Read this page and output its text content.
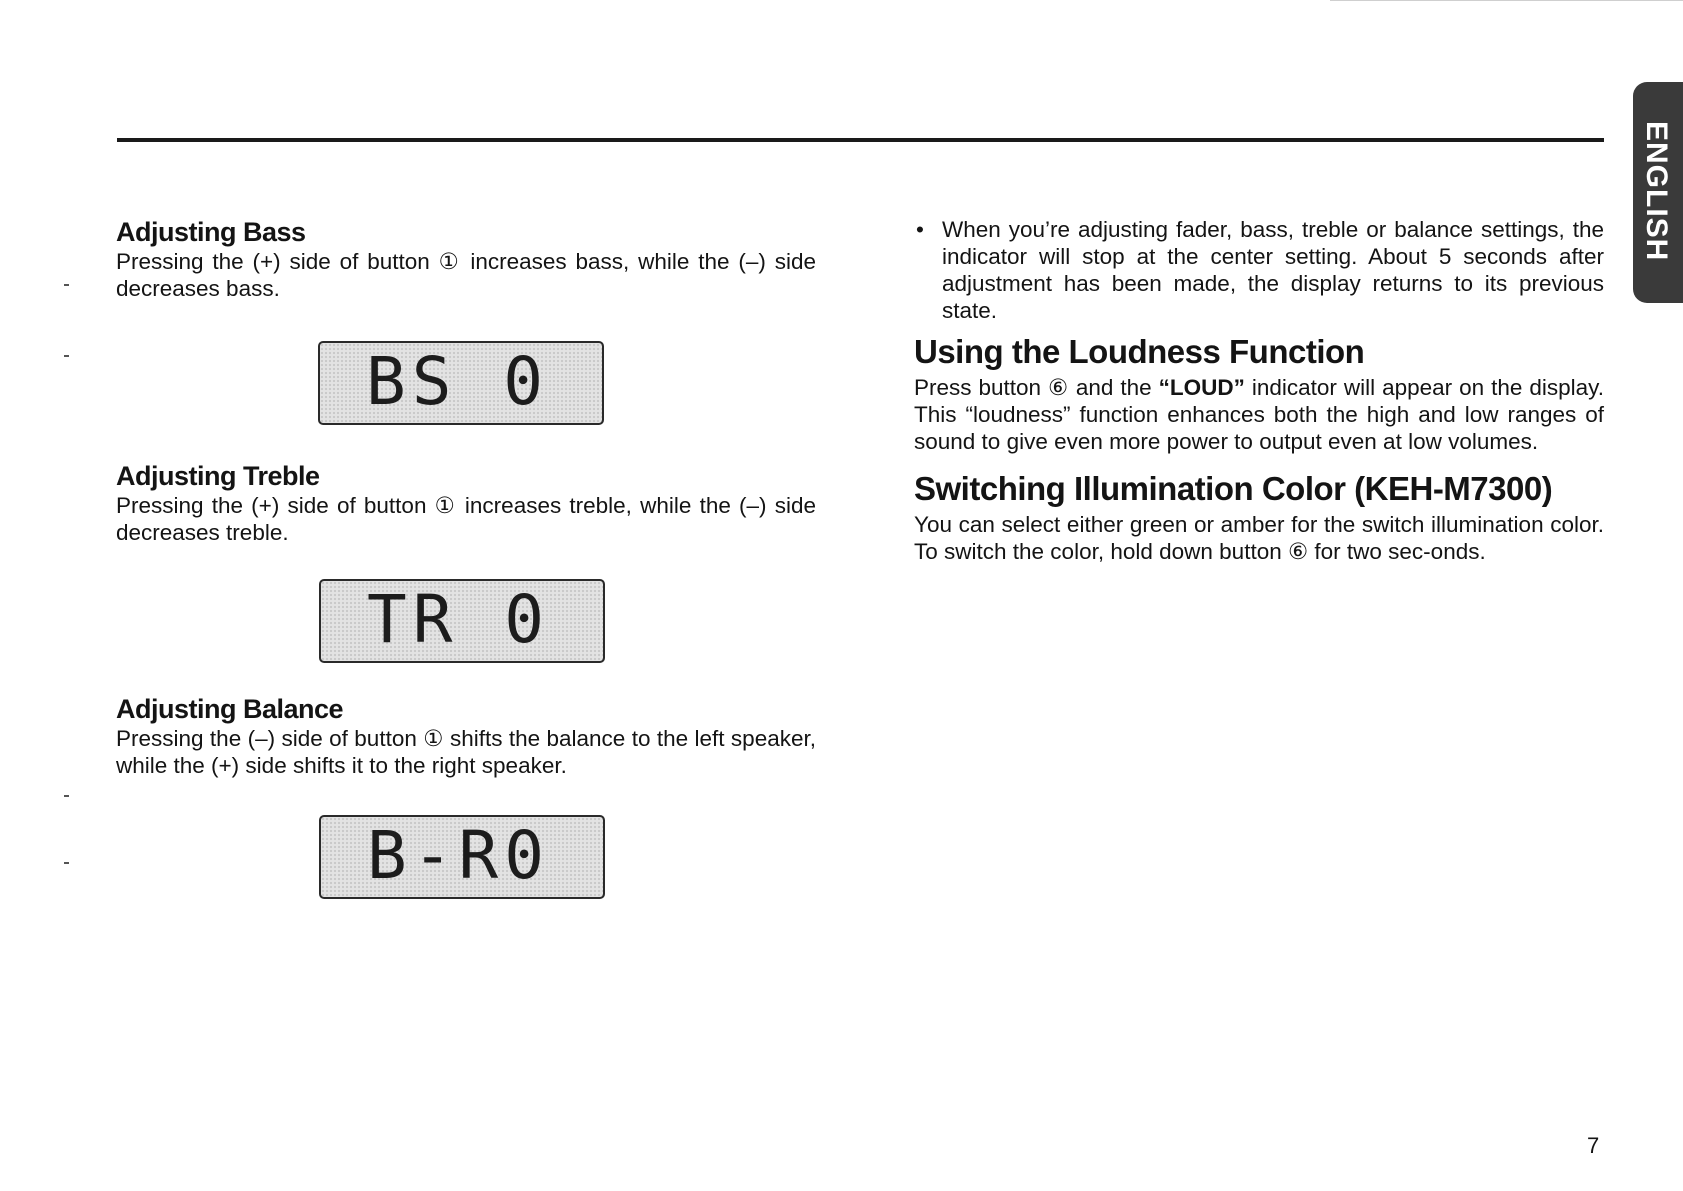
ENGLISH
Adjusting Bass

Pressing the (+) side of button ① increases bass, while the (–) side decreases bass.

BS 0
Adjusting Treble

Pressing the (+) side of button ① increases treble, while the (–) side decreases treble.

TR 0
Adjusting Balance

Pressing the (–) side of button ① shifts the balance to the left speaker, while the (+) side shifts it to the right speaker.

B-R0
• When you’re adjusting fader, bass, treble or balance settings, the indicator will stop at the center setting. About 5 seconds after adjustment has been made, the display returns to its previous state.
Using the Loudness Function

Press button ⑥ and the “LOUD” indicator will appear on the display. This “loudness” function enhances both the high and low ranges of sound to give even more power to output even at low volumes.

Switching Illumination Color (KEH-M7300)

You can select either green or amber for the switch illumination color. To switch the color, hold down button ⑥ for two sec-onds.

7
